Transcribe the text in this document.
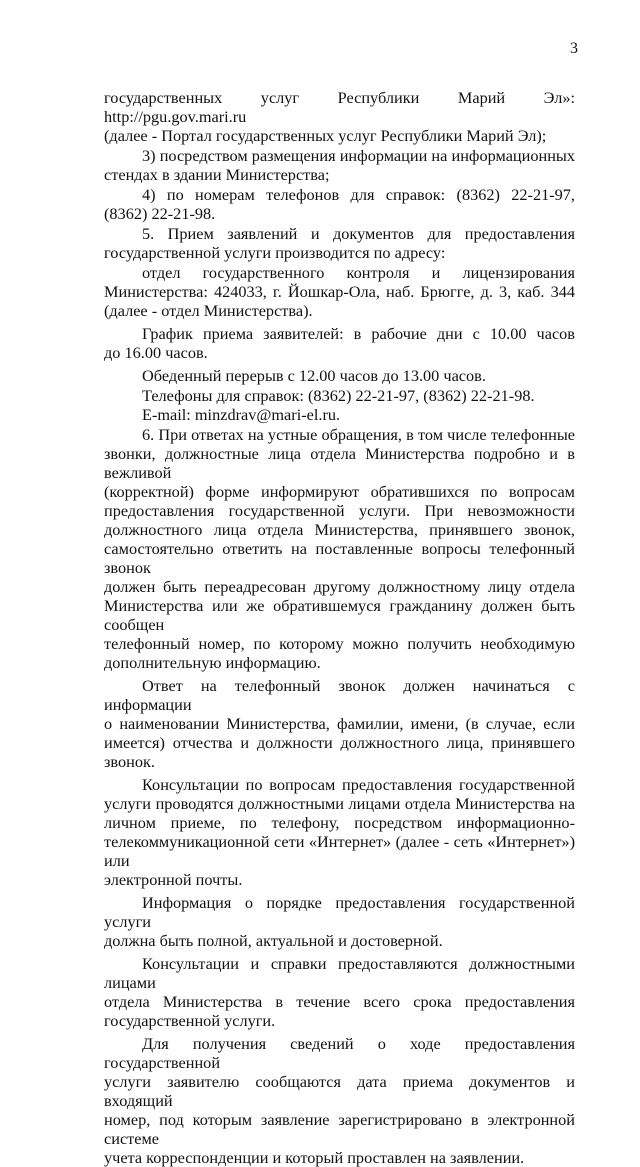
3

государственных услуг Республики Марий Эл»: http://pgu.gov.mari.ru
(далее - Портал государственных услуг Республики Марий Эл);

3) посредством размещения информации на информационных
стендах в здании Министерства;

4) по номерам телефонов для справок: (8362) 22-21-97,
(8362) 22-21-98.

5. Прием заявлений и документов для предоставления
государственной услуги производится по адресу:

отдел государственного контроля и лицензирования
Министерства: 424033, г. Йошкар-Ола, наб. Брюгге, д. 3, каб. 344
(далее - отдел Министерства).

График приема заявителей: в рабочие дни с 10.00 часов
до 16.00 часов.

Обеденный перерыв с 12.00 часов до 13.00 часов.

Телефоны для справок: (8362) 22-21-97, (8362) 22-21-98.

E-mail: minzdrav@mari-el.ru.

6. При ответах на устные обращения, в том числе телефонные
звонки, должностные лица отдела Министерства подробно и в вежливой
(корректной) форме информируют обратившихся по вопросам
предоставления государственной услуги. При невозможности
должностного лица отдела Министерства, принявшего звонок,
самостоятельно ответить на поставленные вопросы телефонный звонок
должен быть переадресован другому должностному лицу отдела
Министерства или же обратившемуся гражданину должен быть сообщен
телефонный номер, по которому можно получить необходимую
дополнительную информацию.

Ответ на телефонный звонок должен начинаться с информации
о наименовании Министерства, фамилии, имени, (в случае, если
имеется) отчества и должности должностного лица, принявшего звонок.

Консультации по вопросам предоставления государственной
услуги проводятся должностными лицами отдела Министерства на
личном приеме, по телефону, посредством информационно-
телекоммуникационной сети «Интернет» (далее - сеть «Интернет») или
электронной почты.

Информация о порядке предоставления государственной услуги
должна быть полной, актуальной и достоверной.

Консультации и справки предоставляются должностными лицами
отдела Министерства в течение всего срока предоставления
государственной услуги.

Для получения сведений о ходе предоставления государственной
услуги заявителю сообщаются дата приема документов и входящий
номер, под которым заявление зарегистрировано в электронной системе
учета корреспонденции и который проставлен на заявлении.
